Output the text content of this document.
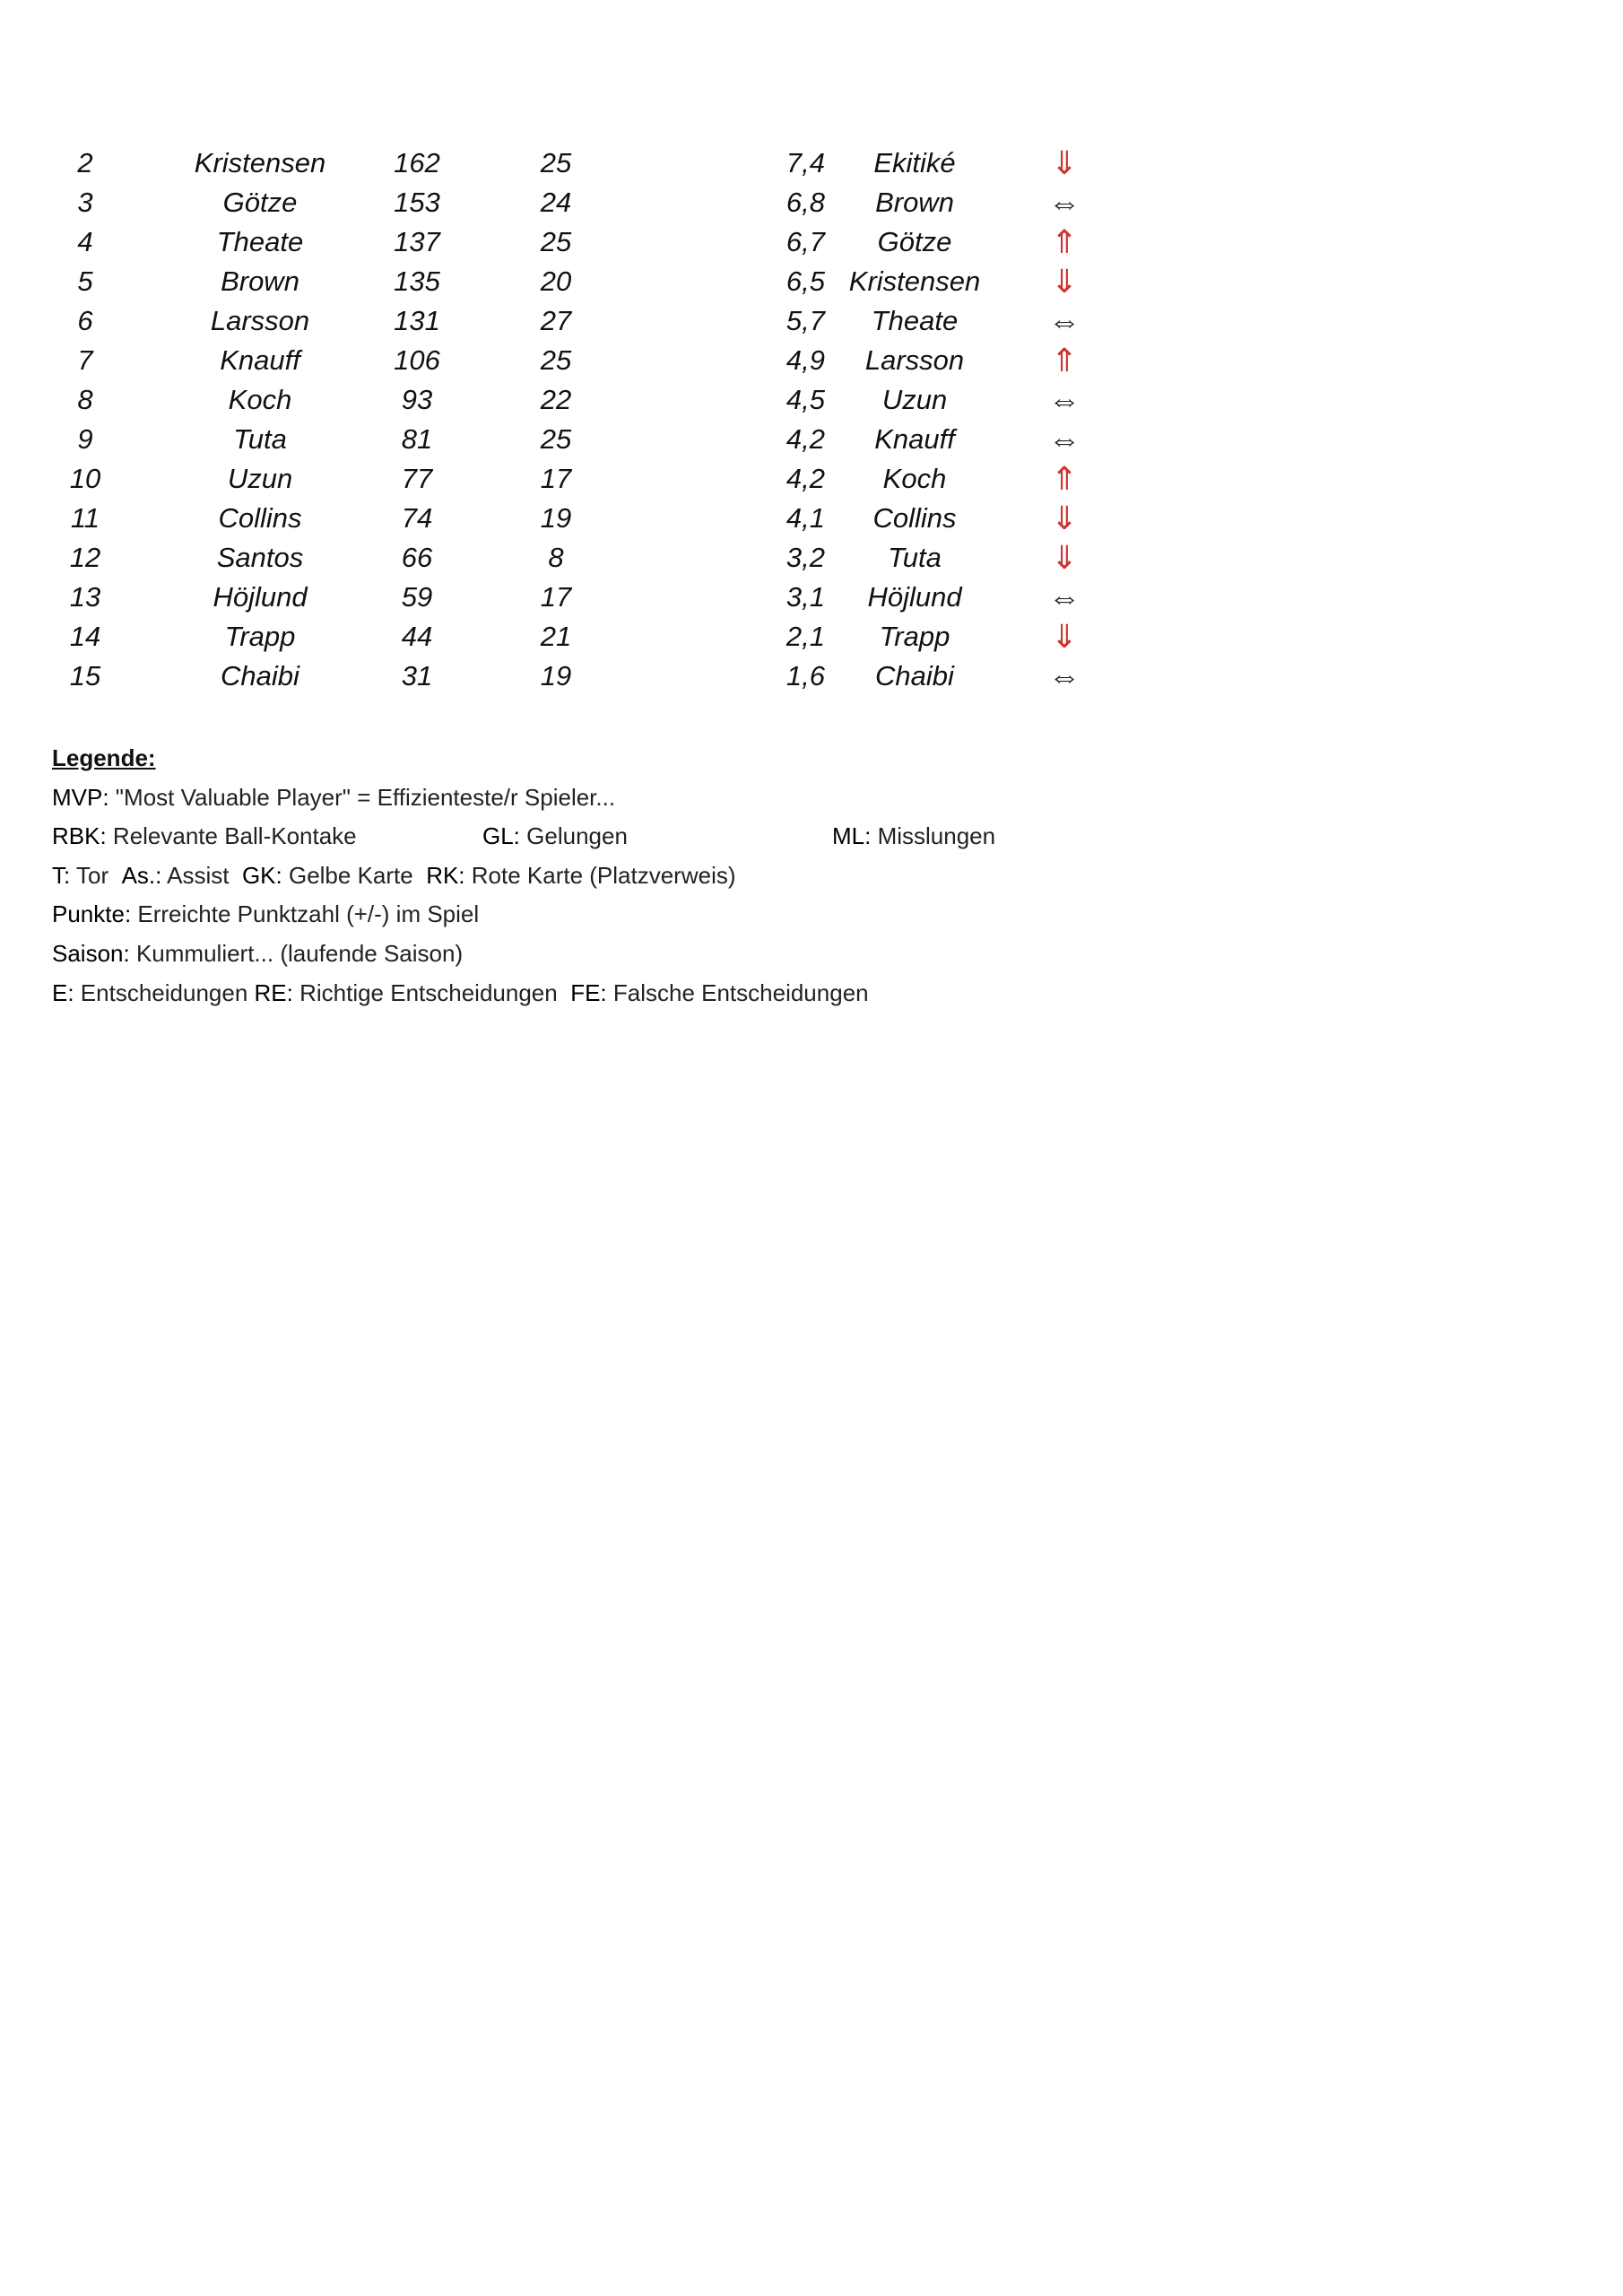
2	Kristensen	162	25	7,4	Ekitiké	⇓
3	Götze	153	24	6,8	Brown	⇔
4	Theate	137	25	6,7	Götze	⇑
5	Brown	135	20	6,5 Kristensen	⇓
6	Larsson	131	27	5,7	Theate	⇔
7	Knauff	106	25	4,9	Larsson	⇑
8	Koch	93	22	4,5	Uzun	⇔
9	Tuta	81	25	4,2	Knauff	⇔
10	Uzun	77	17	4,2	Koch	⇑
11	Collins	74	19	4,1	Collins	⇓
12	Santos	66	8	3,2	Tuta	⇓
13	Höjlund	59	17	3,1	Höjlund	⇔
14	Trapp	44	21	2,1	Trapp	⇓
15	Chaibi	31	19	1,6	Chaibi	⇔
Legende:
MVP: "Most Valuable Player" = Effizienteste/r Spieler...
RBK: Relevante Ball-Kontake	GL: Gelungen	ML: Misslungen
T: Tor As.: Assist GK: Gelbe Karte RK: Rote Karte (Platzverweis)
Punkte: Erreichte Punktzahl (+/-) im Spiel
Saison: Kummuliert... (laufende Saison)
E: Entscheidungen RE: Richtige Entscheidungen  FE: Falsche Entscheidungen
